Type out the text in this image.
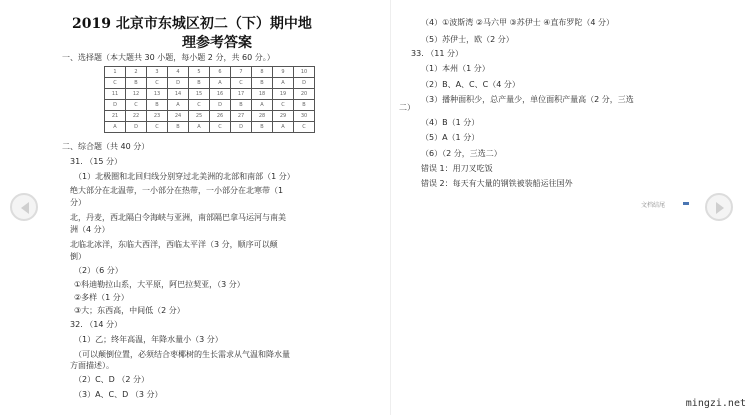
2019 北京市东城区初二（下）期中地
理参考答案
一、选择题（本大题共 30 小题，每小题 2 分，共 60 分。）
1	2	3	4	5	6	7	8	9	10
C	B	C	D	B	A	C	B	A	D
11	12	13	14	15	16	17	18	19	20
D	C	B	A	C	D	B	A	C	B
21	22	23	24	25	26	27	28	29	30
A	D	C	B	A	C	D	B	A	C
二、综合题（共 40 分）
31. （15 分）
（1）北极圈和北回归线分别穿过北美洲的北部和南部（1 分）
绝大部分在北温带，一小部分在热带，一小部分在北寒带（1
分）
北，丹麦，西北隔白令海峡与亚洲，南部隔巴拿马运河与南美
洲（4 分）
北临北冰洋，东临大西洋，西临太平洋（3 分，顺序可以颠
倒）
（2）（6 分）
①科迪勒拉山系，大平原，阿巴拉契亚，（3 分）
②多样（1 分）
③大；东西高，中间低（2 分）
32. （14 分）
（1）乙；终年高温，年降水量小（3 分）
（可以颠倒位置，必须结合枣椰树的生长需求从气温和降水量
方面描述）。
（2）C、D （2 分）
（3）A、C、D （3 分）
（4）①波斯湾 ②马六甲 ③苏伊士 ④直布罗陀（4 分）
（5）苏伊士，欧（2 分）
33. （11 分）
（1）本州（1 分）
（2）B、A、C、C（4 分）
（3）播种面积少，总产量少，单位面积产量高（2 分，三选
二）
（4）B（1 分）
（5）A（1 分）
（6）（2 分，三选二）
错误 1：用刀叉吃饭
错误 2：每天有大量的钢铁被装船运往国外
文档结尾
mingzi.net
